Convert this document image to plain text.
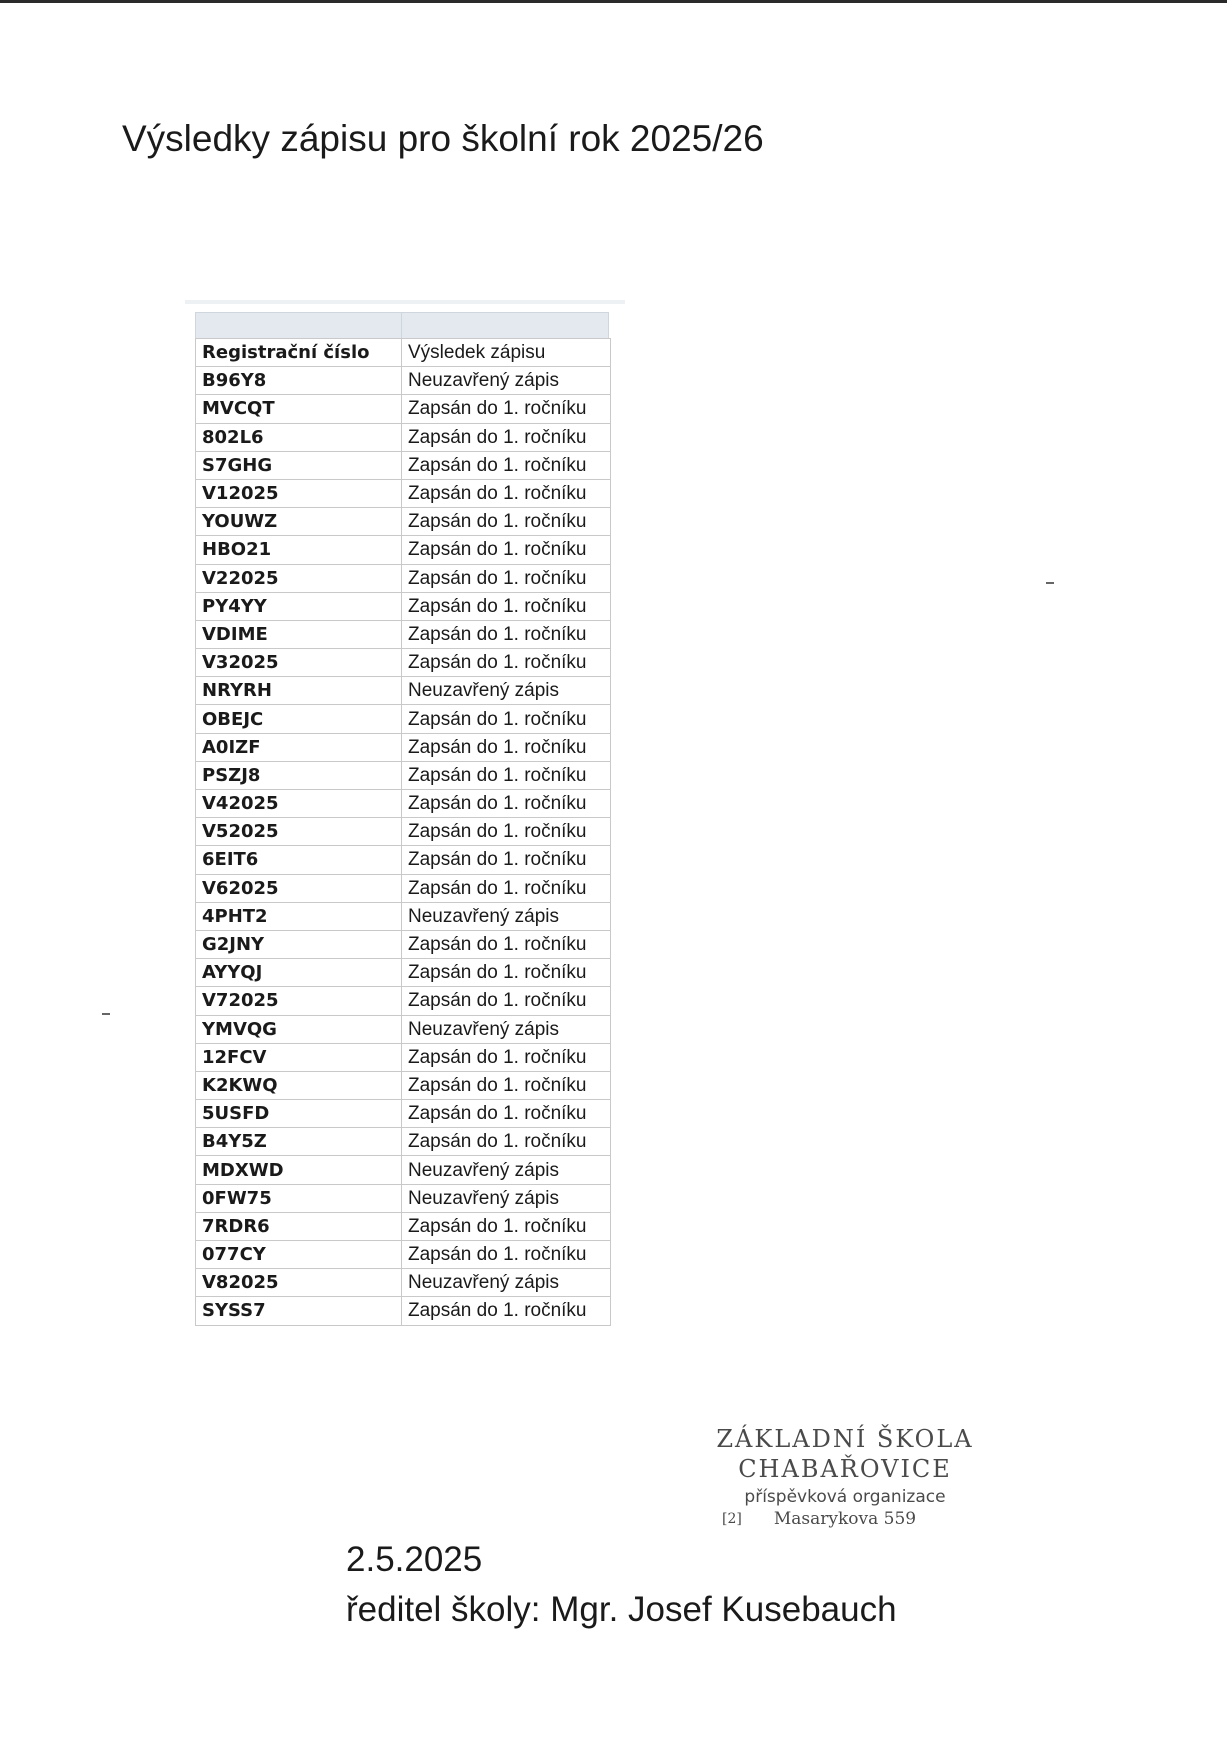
Výsledky zápisu pro školní rok 2025/26
Registrační číslo	Výsledek zápisu
B96Y8	Neuzavřený zápis
MVCQT	Zapsán do 1. ročníku
802L6	Zapsán do 1. ročníku
S7GHG	Zapsán do 1. ročníku
V12025	Zapsán do 1. ročníku
YOUWZ	Zapsán do 1. ročníku
HBO21	Zapsán do 1. ročníku
V22025	Zapsán do 1. ročníku
PY4YY	Zapsán do 1. ročníku
VDIME	Zapsán do 1. ročníku
V32025	Zapsán do 1. ročníku
NRYRH	Neuzavřený zápis
OBEJC	Zapsán do 1. ročníku
A0IZF	Zapsán do 1. ročníku
PSZJ8	Zapsán do 1. ročníku
V42025	Zapsán do 1. ročníku
V52025	Zapsán do 1. ročníku
6EIT6	Zapsán do 1. ročníku
V62025	Zapsán do 1. ročníku
4PHT2	Neuzavřený zápis
G2JNY	Zapsán do 1. ročníku
AYYQJ	Zapsán do 1. ročníku
V72025	Zapsán do 1. ročníku
YMVQG	Neuzavřený zápis
12FCV	Zapsán do 1. ročníku
K2KWQ	Zapsán do 1. ročníku
5USFD	Zapsán do 1. ročníku
B4Y5Z	Zapsán do 1. ročníku
MDXWD	Neuzavřený zápis
0FW75	Neuzavřený zápis
7RDR6	Zapsán do 1. ročníku
077CY	Zapsán do 1. ročníku
V82025	Neuzavřený zápis
SYSS7	Zapsán do 1. ročníku
ZÁKLADNÍ ŠKOLA
CHABAŘOVICE
příspěvková organizace
[2] Masarykova 559
2.5.2025
ředitel školy: Mgr. Josef Kusebauch
